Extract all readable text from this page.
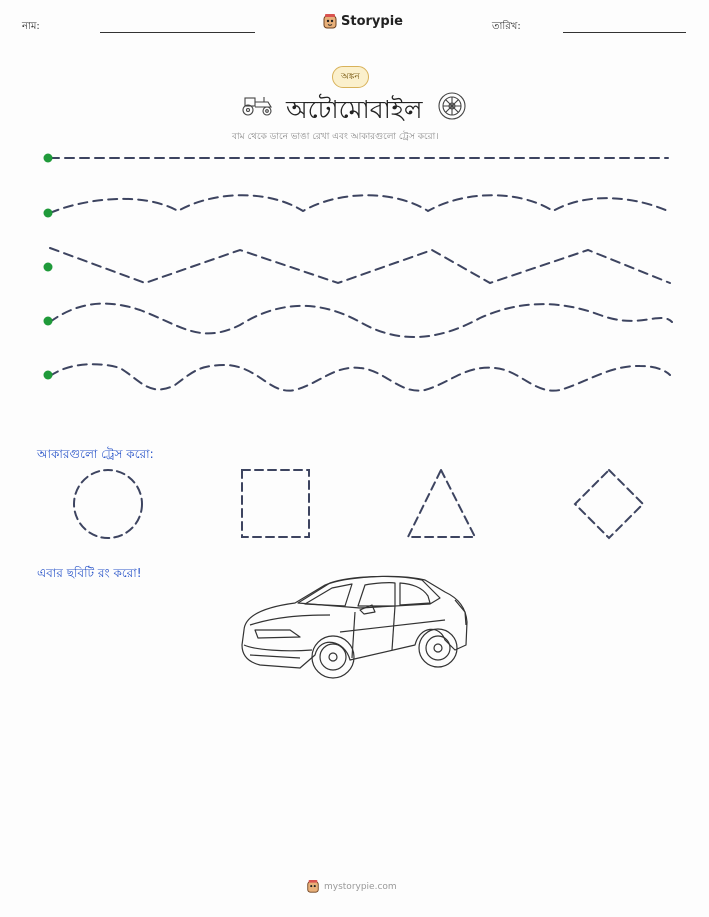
নাম:	Storypie	তারিখ:
অঙ্কন
অটোমোবাইল
বাম থেকে ডানে ভাঙা রেখা এবং আকারগুলো ট্রেস করো।
আকারগুলো ট্রেস করো:
এবার ছবিটি রং করো!
mystorypie.com
